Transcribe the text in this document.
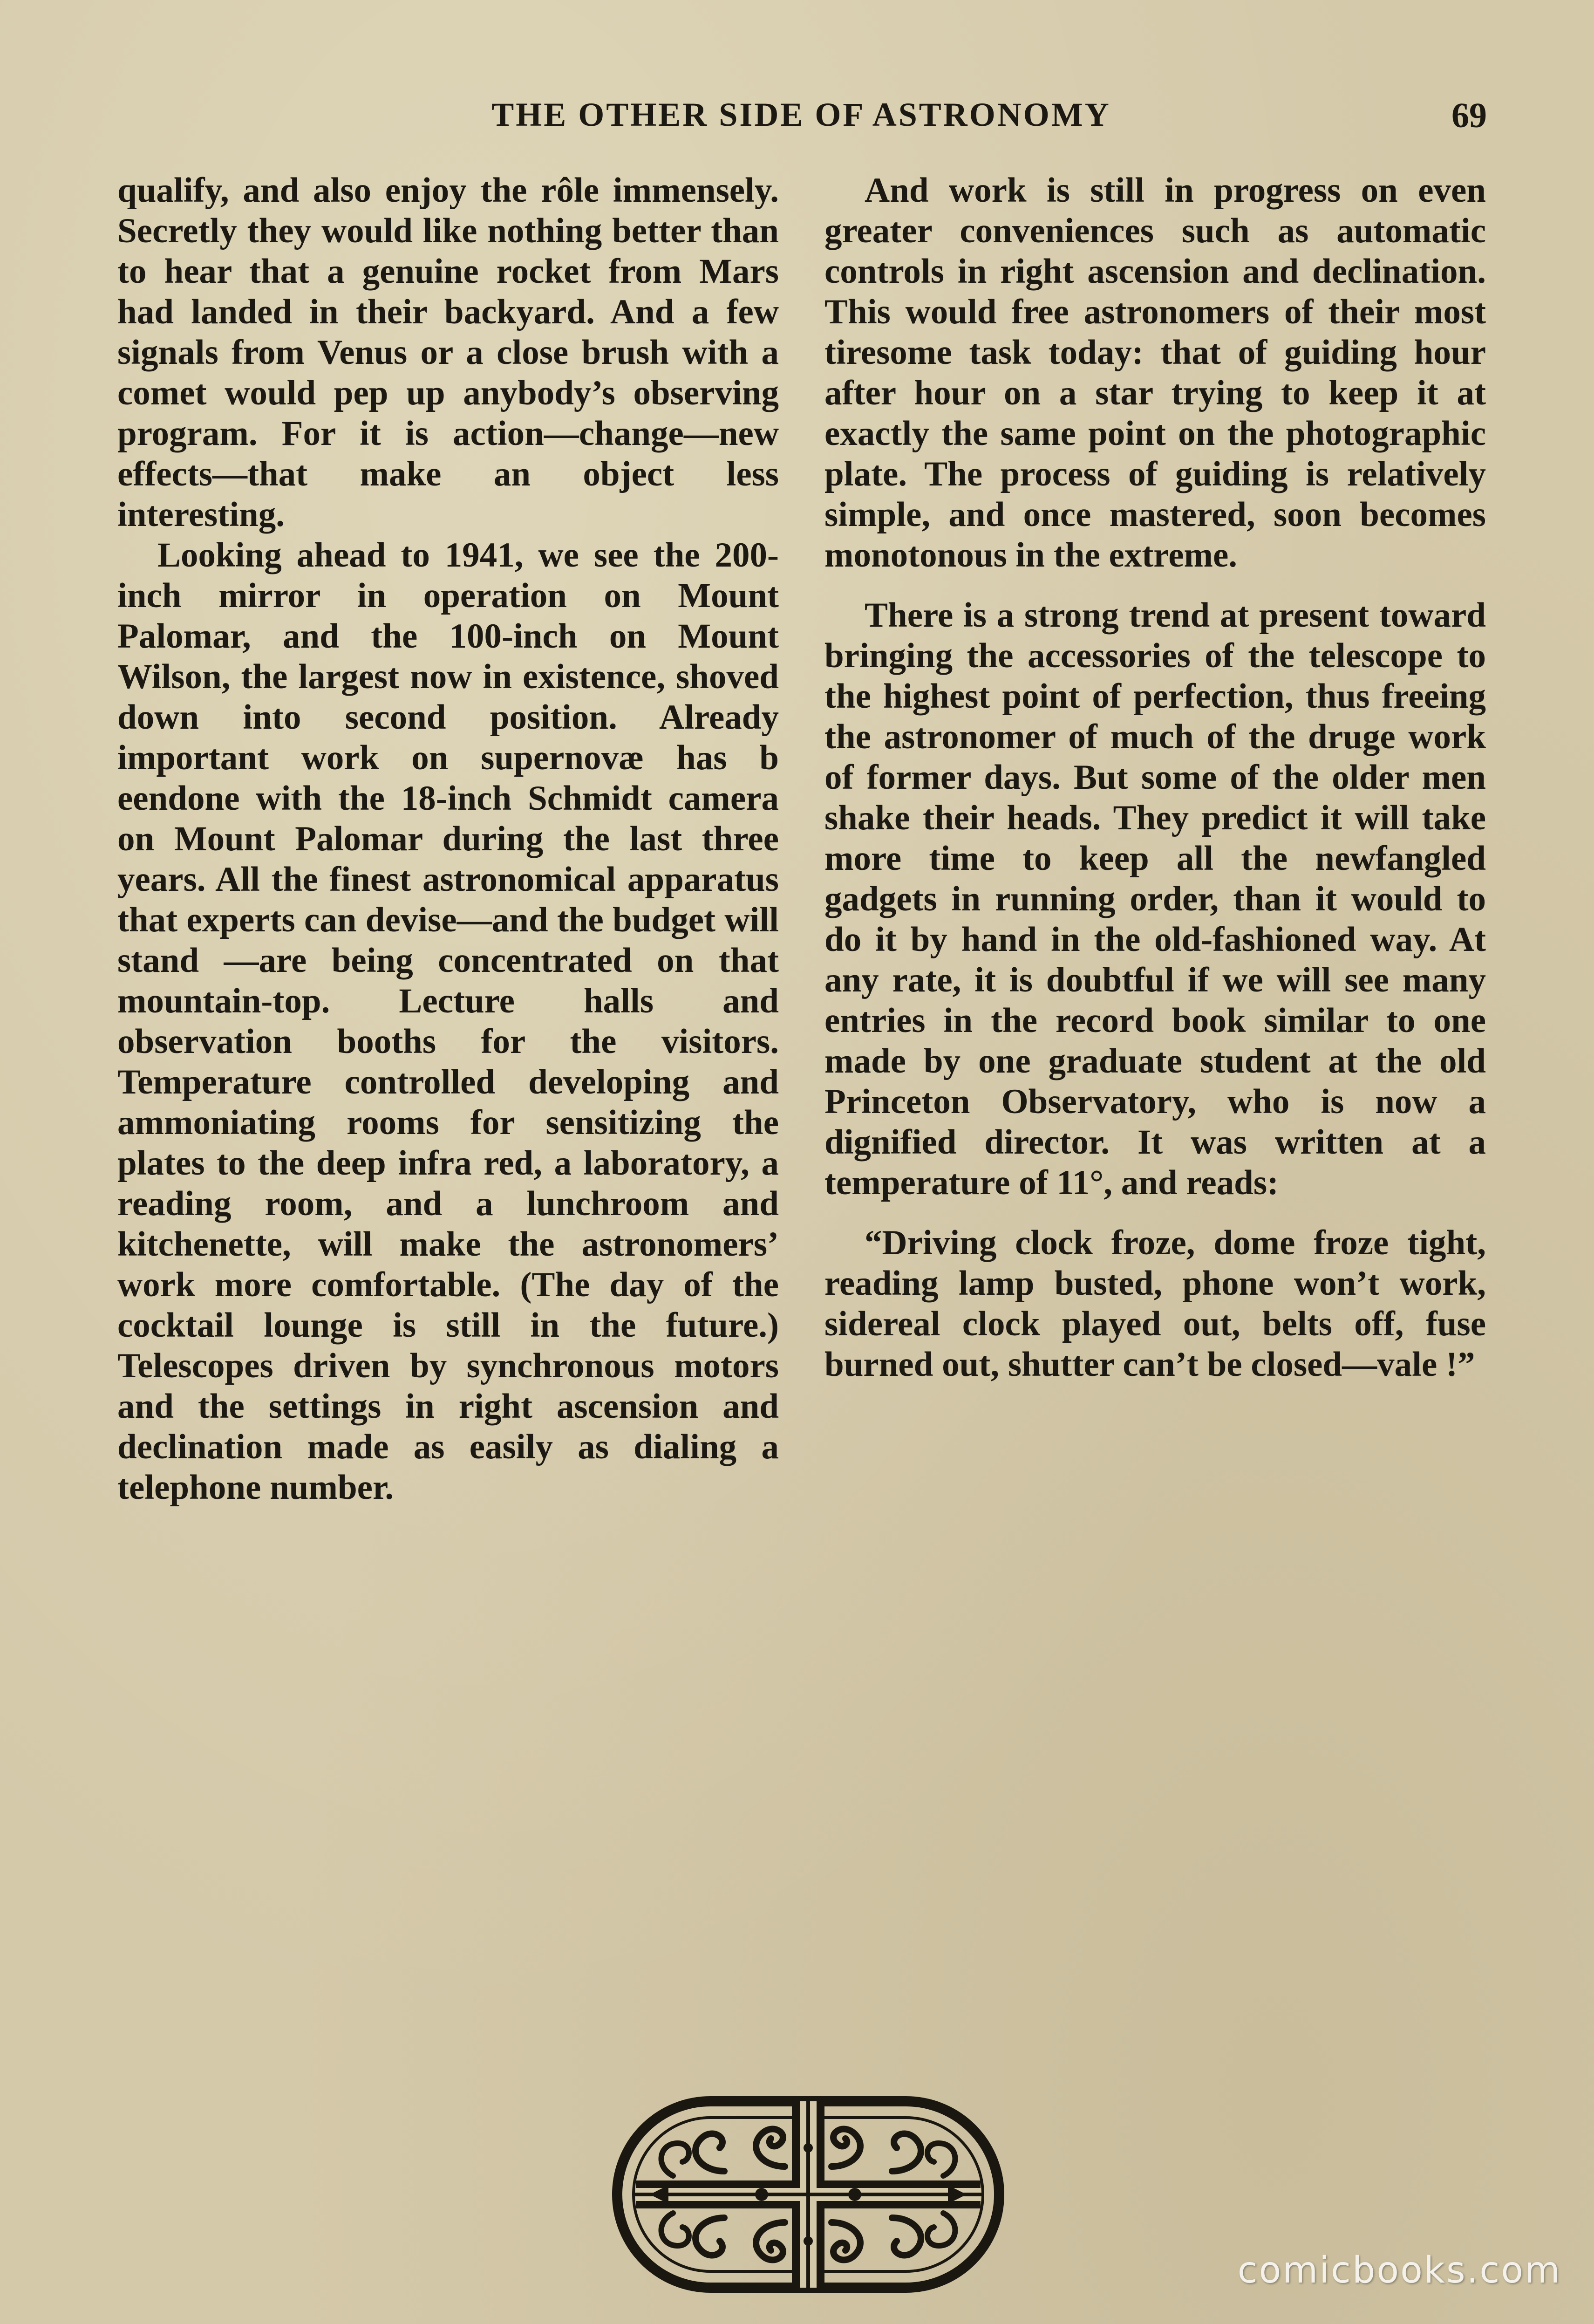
THE OTHER SIDE OF ASTRONOMY	69

qualify, and also enjoy the rôle immensely. Secretly they would like nothing better than to hear that a genuine rocket from Mars had landed in their backyard. And a few signals from Venus or a close brush with a comet would pep up anybody’s observing program. For it is action—change—new effects—that make an object less interesting.

Looking ahead to 1941, we see the 200-inch mirror in operation on Mount Palomar, and the 100-inch on Mount Wilson, the largest now in existence, shoved down into second position. Already important work on supernovæ has b eendone with the 18-inch Schmidt camera on Mount Palomar during the last three years. All the finest astronomical apparatus that experts can devise—and the budget will stand —are being concentrated on that mountain-top. Lecture halls and observation booths for the visitors. Temperature controlled developing and ammoniating rooms for sensitizing the plates to the deep infra red, a laboratory, a reading room, and a lunchroom and kitchenette, will make the astronomers’ work more comfortable. (The day of the cocktail lounge is still in the future.) Telescopes driven by synchronous motors and the settings in right ascension and declination made as easily as dialing a telephone number.

And work is still in progress on even greater conveniences such as automatic controls in right ascension and declination. This would free astronomers of their most tiresome task today: that of guiding hour after hour on a star trying to keep it at exactly the same point on the photographic plate. The process of guiding is relatively simple, and once mastered, soon becomes monotonous in the extreme.

There is a strong trend at present toward bringing the accessories of the telescope to the highest point of perfection, thus freeing the astronomer of much of the druge work of former days. But some of the older men shake their heads. They predict it will take more time to keep all the newfangled gadgets in running order, than it would to do it by hand in the old-fashioned way. At any rate, it is doubtful if we will see many entries in the record book similar to one made by one graduate student at the old Princeton Observatory, who is now a dignified director. It was written at a temperature of 11°, and reads:

“Driving clock froze, dome froze tight, reading lamp busted, phone won’t work, sidereal clock played out, belts off, fuse burned out, shutter can’t be closed—vale !”

comicbooks.com
